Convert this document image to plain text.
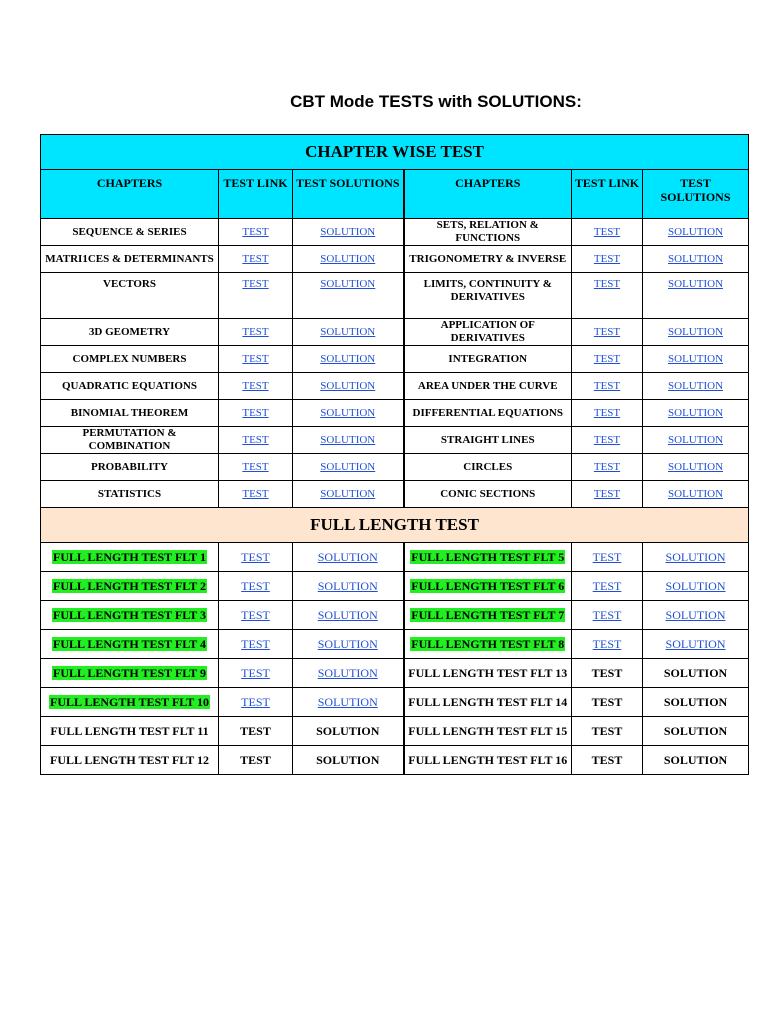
CBT Mode TESTS with SOLUTIONS:
CHAPTER WISE TEST					
CHAPTERS	TEST LINK	TEST SOLUTIONS	CHAPTERS	TEST LINK	TEST SOLUTIONS
SEQUENCE & SERIES	TEST	SOLUTION	SETS, RELATION & FUNCTIONS	TEST	SOLUTION
MATRI1CES & DETERMINANTS	TEST	SOLUTION	TRIGONOMETRY & INVERSE	TEST	SOLUTION
VECTORS	TEST	SOLUTION	LIMITS, CONTINUITY & DERIVATIVES	TEST	SOLUTION
3D GEOMETRY	TEST	SOLUTION	APPLICATION OF DERIVATIVES	TEST	SOLUTION
COMPLEX NUMBERS	TEST	SOLUTION	INTEGRATION	TEST	SOLUTION
QUADRATIC EQUATIONS	TEST	SOLUTION	AREA UNDER THE CURVE	TEST	SOLUTION
BINOMIAL THEOREM	TEST	SOLUTION	DIFFERENTIAL EQUATIONS	TEST	SOLUTION
PERMUTATION & COMBINATION	TEST	SOLUTION	STRAIGHT LINES	TEST	SOLUTION
PROBABILITY	TEST	SOLUTION	CIRCLES	TEST	SOLUTION
STATISTICS	TEST	SOLUTION	CONIC SECTIONS	TEST	SOLUTION
FULL LENGTH TEST					
FULL LENGTH TEST FLT 1	TEST	SOLUTION	FULL LENGTH TEST FLT 5	TEST	SOLUTION
FULL LENGTH TEST FLT 2	TEST	SOLUTION	FULL LENGTH TEST FLT 6	TEST	SOLUTION
FULL LENGTH TEST FLT 3	TEST	SOLUTION	FULL LENGTH TEST FLT 7	TEST	SOLUTION
FULL LENGTH TEST FLT 4	TEST	SOLUTION	FULL LENGTH TEST FLT 8	TEST	SOLUTION
FULL LENGTH TEST FLT 9	TEST	SOLUTION	FULL LENGTH TEST FLT 13	TEST	SOLUTION
FULL LENGTH TEST FLT 10	TEST	SOLUTION	FULL LENGTH TEST FLT 14	TEST	SOLUTION
FULL LENGTH TEST FLT 11	TEST	SOLUTION	FULL LENGTH TEST FLT 15	TEST	SOLUTION
FULL LENGTH TEST FLT 12	TEST	SOLUTION	FULL LENGTH TEST FLT 16	TEST	SOLUTION
